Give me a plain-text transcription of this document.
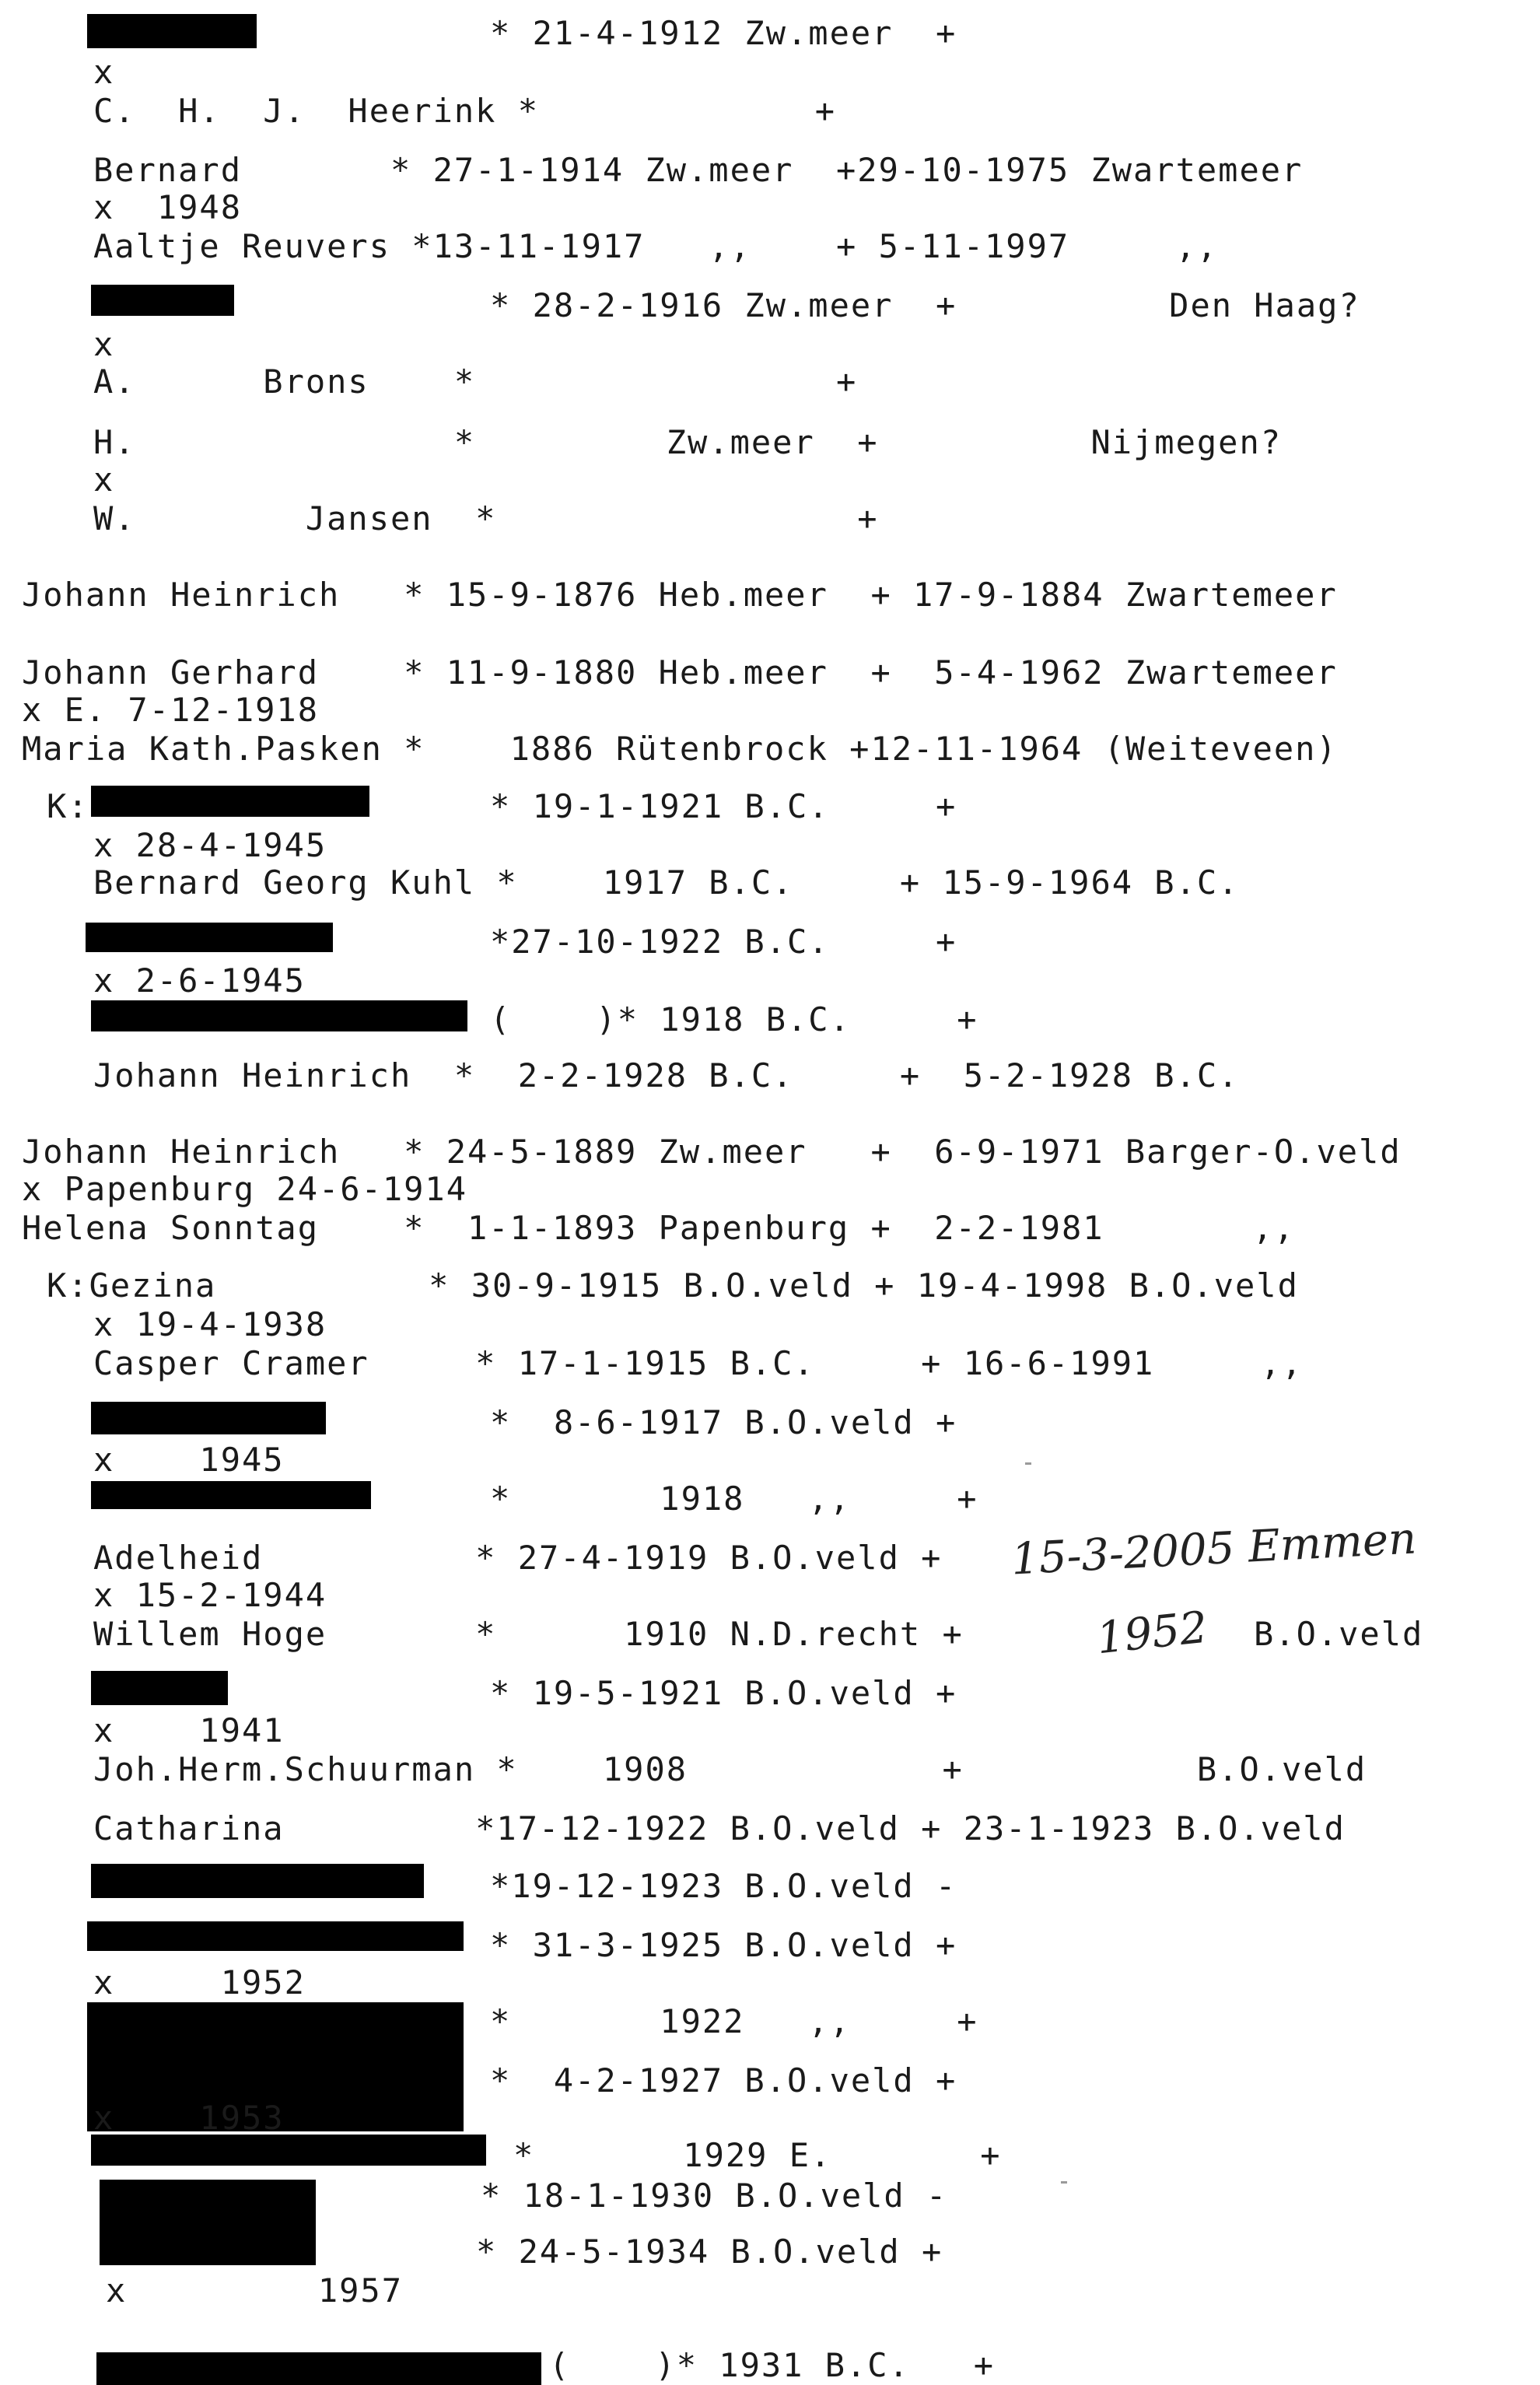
* 21-4-1912 Zw.meer  +
x
C.  H.  J.  Heerink *             +
Bernard       * 27-1-1914 Zw.meer  +29-10-1975 Zwartemeer
x  1948
Aaltje Reuvers *13-11-1917   ,,    + 5-11-1997     ,,
* 28-2-1916 Zw.meer  +          Den Haag?
x
A.      Brons    *                 +
H.               *         Zw.meer  +          Nijmegen?
x
W.        Jansen  *                 +
Johann Heinrich   * 15-9-1876 Heb.meer  + 17-9-1884 Zwartemeer
Johann Gerhard    * 11-9-1880 Heb.meer  +  5-4-1962 Zwartemeer
x E. 7-12-1918
Maria Kath.Pasken *    1886 Rütenbrock +12-11-1964 (Weiteveen)
K:	* 19-1-1921 B.C.     +
x 28-4-1945
Bernard Georg Kuhl *    1917 B.C.     + 15-9-1964 B.C.
*27-10-1922 B.C.     +
x 2-6-1945
(    )* 1918 B.C.     +
Johann Heinrich  *  2-2-1928 B.C.     +  5-2-1928 B.C.
Johann Heinrich   * 24-5-1889 Zw.meer   +  6-9-1971 Barger-O.veld
x Papenburg 24-6-1914
Helena Sonntag    *  1-1-1893 Papenburg +  2-2-1981       ,,
K:Gezina          * 30-9-1915 B.O.veld + 19-4-1998 B.O.veld
x 19-4-1938
Casper Cramer     * 17-1-1915 B.C.     + 16-6-1991     ,,
*  8-6-1917 B.O.veld +
x    1945
*       1918   ,,     +
Adelheid          * 27-4-1919 B.O.veld +
x 15-2-1944
Willem Hoge       *      1910 N.D.recht +	B.O.veld
* 19-5-1921 B.O.veld +
x    1941
Joh.Herm.Schuurman *    1908            +           B.O.veld
Catharina         *17-12-1922 B.O.veld + 23-1-1923 B.O.veld
*19-12-1923 B.O.veld -
* 31-3-1925 B.O.veld +
x     1952
*       1922   ,,     +
*  4-2-1927 B.O.veld +
x    1953
*       1929 E.       +
* 18-1-1930 B.O.veld -
* 24-5-1934 B.O.veld +
x         1957
(    )* 1931 B.C.   +
15-3-2005 Emmen
1952
